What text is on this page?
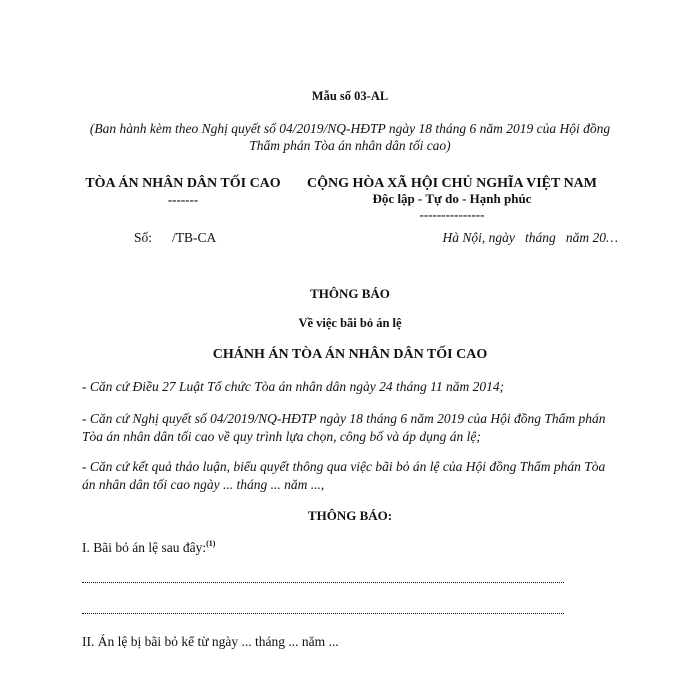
Mẫu số 03-AL
(Ban hành kèm theo Nghị quyết số 04/2019/NQ-HĐTP ngày 18 tháng 6 năm 2019 của Hội đồng
Thẩm phán Tòa án nhân dân tối cao)
TÒA ÁN NHÂN DÂN TỐI CAO
-------
CỘNG HÒA XÃ HỘI CHỦ NGHĨA VIỆT NAM
Độc lập - Tự do - Hạnh phúc
---------------
Số: /TB-CA	Hà Nội, ngày   tháng   năm 20…
THÔNG BÁO
Về việc bãi bỏ án lệ
CHÁNH ÁN TÒA ÁN NHÂN DÂN TỐI CAO
- Căn cứ Điều 27 Luật Tổ chức Tòa án nhân dân ngày 24 tháng 11 năm 2014;
- Căn cứ Nghị quyết số 04/2019/NQ-HĐTP ngày 18 tháng 6 năm 2019 của Hội đồng Thẩm phán Tòa án nhân dân tối cao về quy trình lựa chọn, công bố và áp dụng án lệ;
- Căn cứ kết quả thảo luận, biểu quyết thông qua việc bãi bỏ án lệ của Hội đồng Thẩm phán Tòa án nhân dân tối cao ngày ... tháng ... năm ...,
THÔNG BÁO:
I. Bãi bỏ án lệ sau đây:$^{(1)}$
II. Án lệ bị bãi bỏ kể từ ngày ... tháng ... năm ...
